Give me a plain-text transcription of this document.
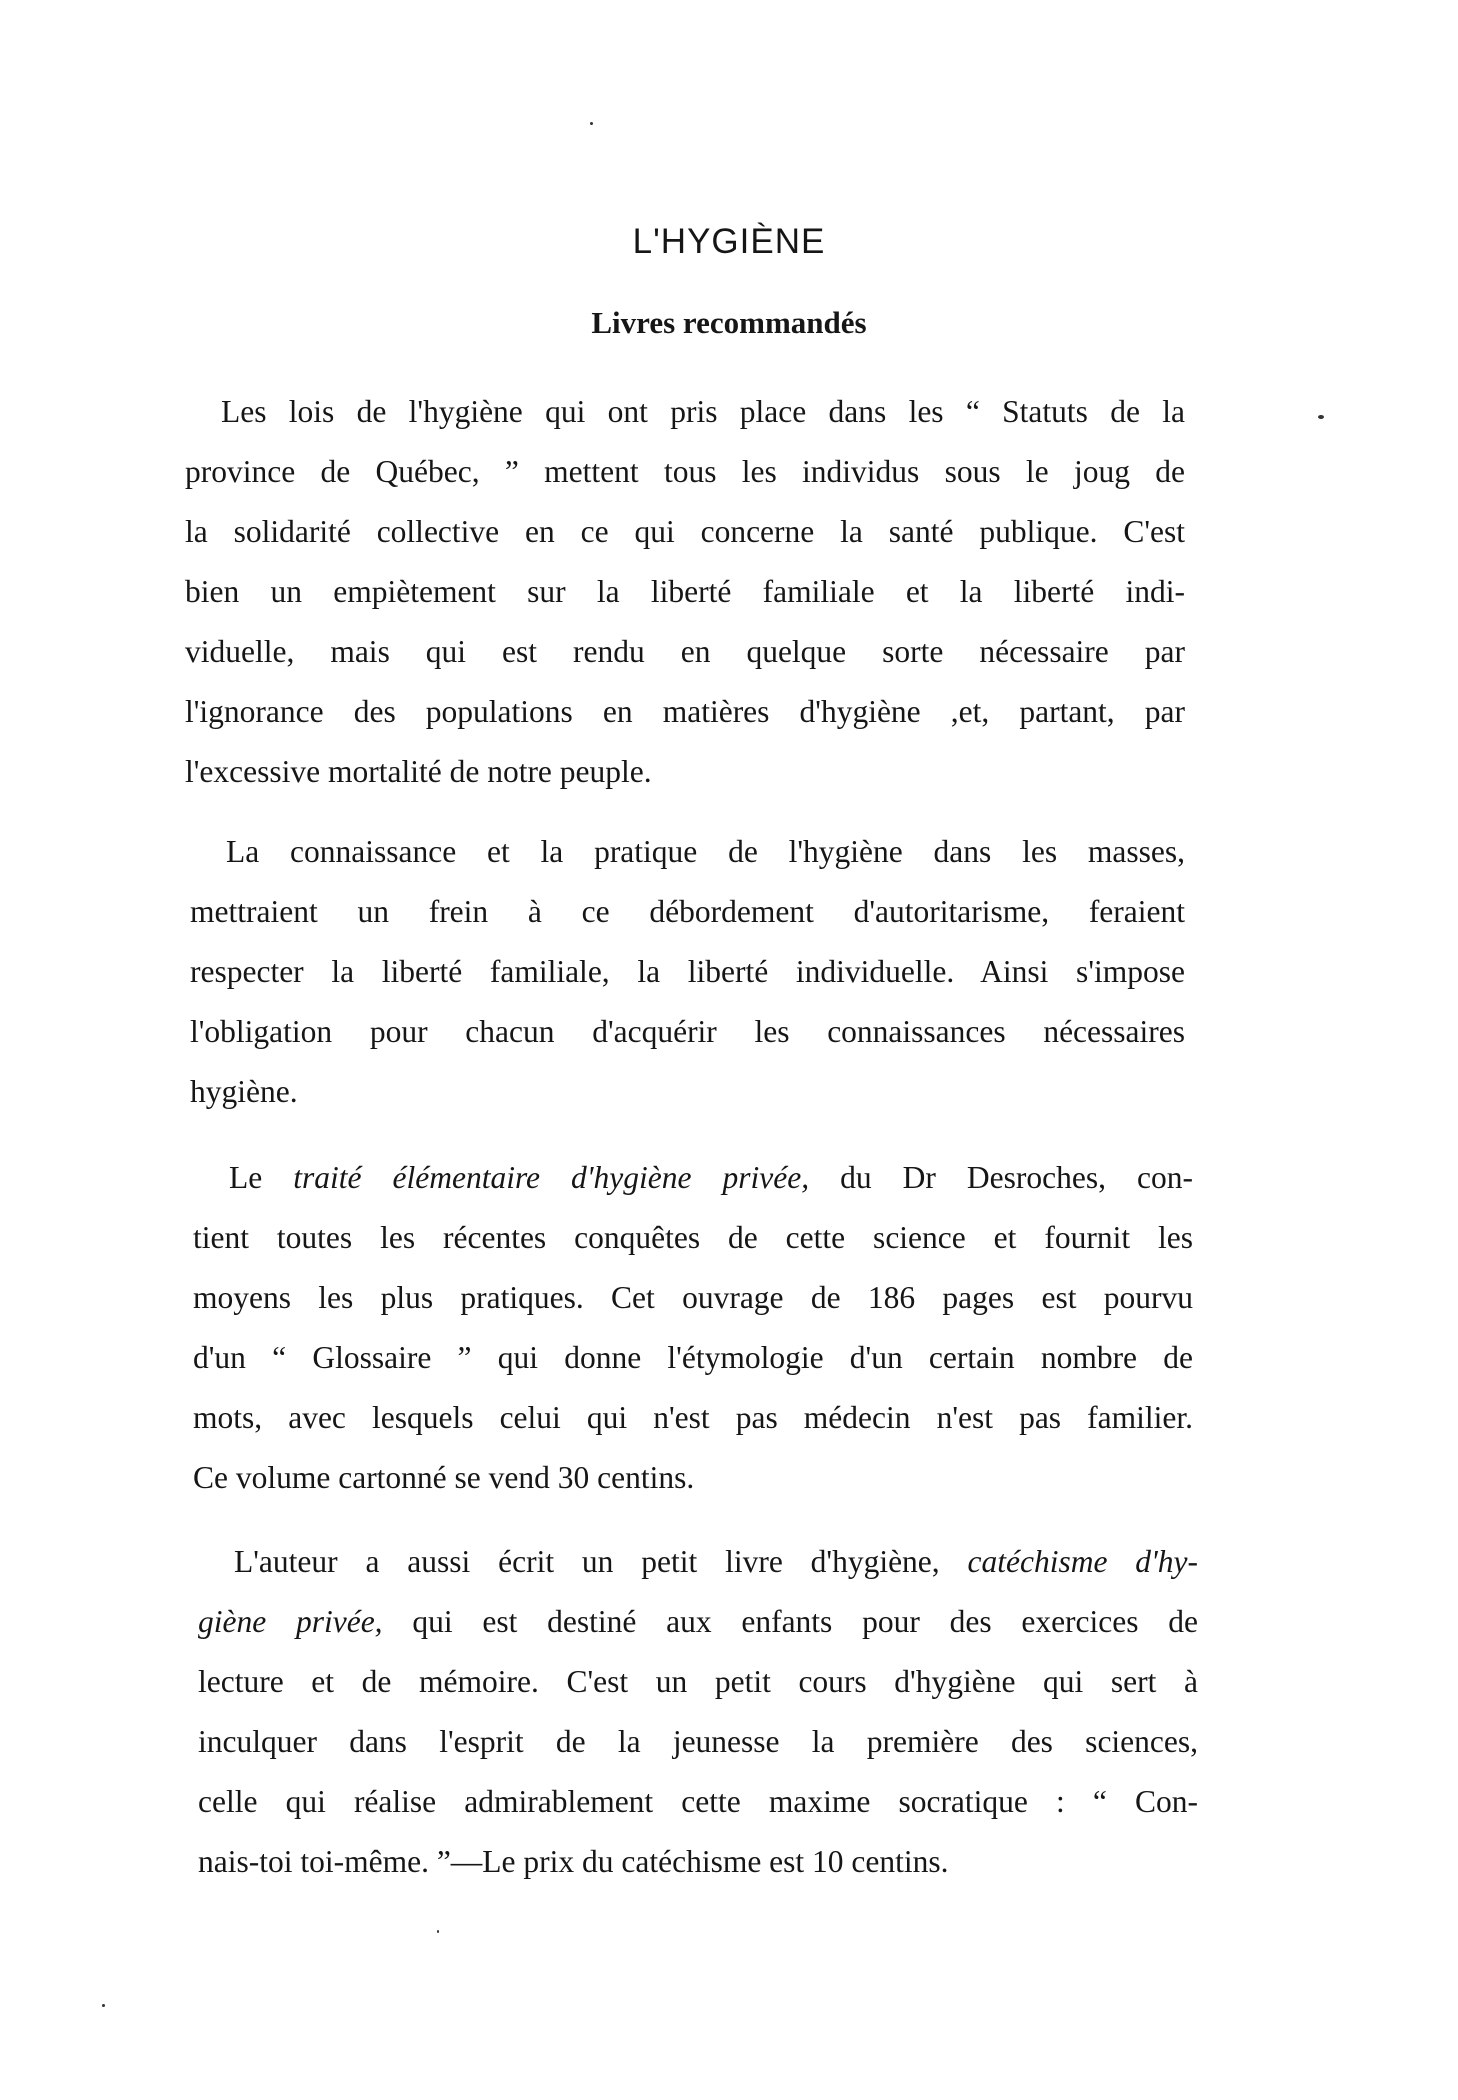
L'HYGIÈNE
Livres recommandés
Les lois de l'hygiène qui ont pris place dans les “ Statuts de la
province de Québec, ” mettent tous les individus sous le joug de
la solidarité collective en ce qui concerne la santé publique. C'est
bien un empiètement sur la liberté familiale et la liberté indi-
viduelle, mais qui est rendu en quelque sorte nécessaire par
l'ignorance des populations en matières d'hygiène ,et, partant, par
l'excessive mortalité de notre peuple.
La connaissance et la pratique de l'hygiène dans les masses,
mettraient un frein à ce débordement d'autoritarisme, feraient
respecter la liberté familiale, la liberté individuelle. Ainsi s'impose
l'obligation pour chacun d'acquérir les connaissances nécessaires
hygiène.
Le traité élémentaire d'hygiène privée, du Dr Desroches, con-
tient toutes les récentes conquêtes de cette science et fournit les
moyens les plus pratiques. Cet ouvrage de 186 pages est pourvu
d'un “ Glossaire ” qui donne l'étymologie d'un certain nombre de
mots, avec lesquels celui qui n'est pas médecin n'est pas familier.
Ce volume cartonné se vend 30 centins.
L'auteur a aussi écrit un petit livre d'hygiène, catéchisme d'hy-
giène privée, qui est destiné aux enfants pour des exercices de
lecture et de mémoire. C'est un petit cours d'hygiène qui sert à
inculquer dans l'esprit de la jeunesse la première des sciences,
celle qui réalise admirablement cette maxime socratique : “ Con-
nais-toi toi-même. ”—Le prix du catéchisme est 10 centins.
